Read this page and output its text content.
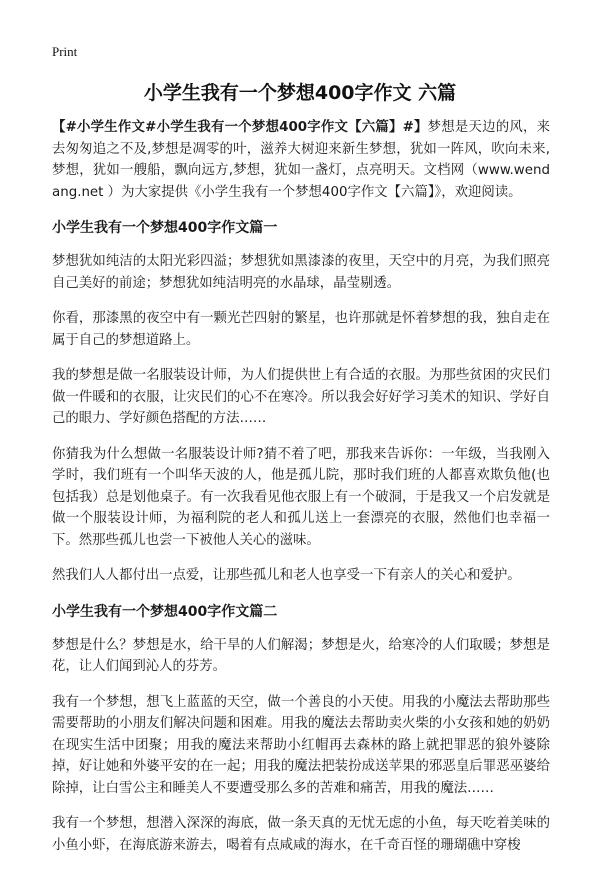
Print
小学生我有一个梦想400字作文 六篇

【#小学生作文#小学生我有一个梦想400字作文【六篇】#】梦想是天边的风，来去匆匆追之不及,梦想是凋零的叶，滋养大树迎来新生梦想，犹如一阵风，吹向未来,梦想，犹如一艘船，飘向远方,梦想，犹如一盏灯，点亮明天。文档网（www.wendang.net ）为大家提供《小学生我有一个梦想400字作文【六篇】》，欢迎阅读。

小学生我有一个梦想400字作文篇一

梦想犹如纯洁的太阳光彩四溢；梦想犹如黑漆漆的夜里，天空中的月亮，为我们照亮自己美好的前途；梦想犹如纯洁明亮的水晶球，晶莹剔透。

你看，那漆黑的夜空中有一颗光芒四射的繁星，也许那就是怀着梦想的我，独自走在属于自己的梦想道路上。

我的梦想是做一名服装设计师，为人们提供世上有合适的衣服。为那些贫困的灾民们做一件暖和的衣服，让灾民们的心不在寒冷。所以我会好好学习美术的知识、学好自己的眼力、学好颜色搭配的方法……

你猜我为什么想做一名服装设计师?猜不着了吧，那我来告诉你：一年级，当我刚入学时，我们班有一个叫华天波的人，他是孤儿院，那时我们班的人都喜欢欺负他(也包括我）总是划他桌子。有一次我看见他衣服上有一个破洞，于是我又一个启发就是做一个服装设计师，为福利院的老人和孤儿送上一套漂亮的衣服，然他们也幸福一下。然那些孤儿也尝一下被他人关心的滋味。

然我们人人都付出一点爱，让那些孤儿和老人也享受一下有亲人的关心和爱护。

小学生我有一个梦想400字作文篇二

梦想是什么？梦想是水，给干旱的人们解渴；梦想是火，给寒冷的人们取暖；梦想是花，让人们闻到沁人的芬芳。

我有一个梦想，想飞上蓝蓝的天空，做一个善良的小天使。用我的小魔法去帮助那些需要帮助的小朋友们解决问题和困难。用我的魔法去帮助卖火柴的小女孩和她的奶奶在现实生活中团聚；用我的魔法来帮助小红帽再去森林的路上就把罪恶的狼外婆除掉，好让她和外婆平安的在一起；用我的魔法把装扮成送苹果的邪恶皇后罪恶巫婆给除掉，让白雪公主和睡美人不要遭受那么多的苦难和痛苦，用我的魔法……

我有一个梦想，想潜入深深的海底，做一条天真的无忧无虑的小鱼，每天吃着美味的小鱼小虾，在海底游来游去，喝着有点咸咸的海水，在千奇百怪的珊瑚礁中穿梭
